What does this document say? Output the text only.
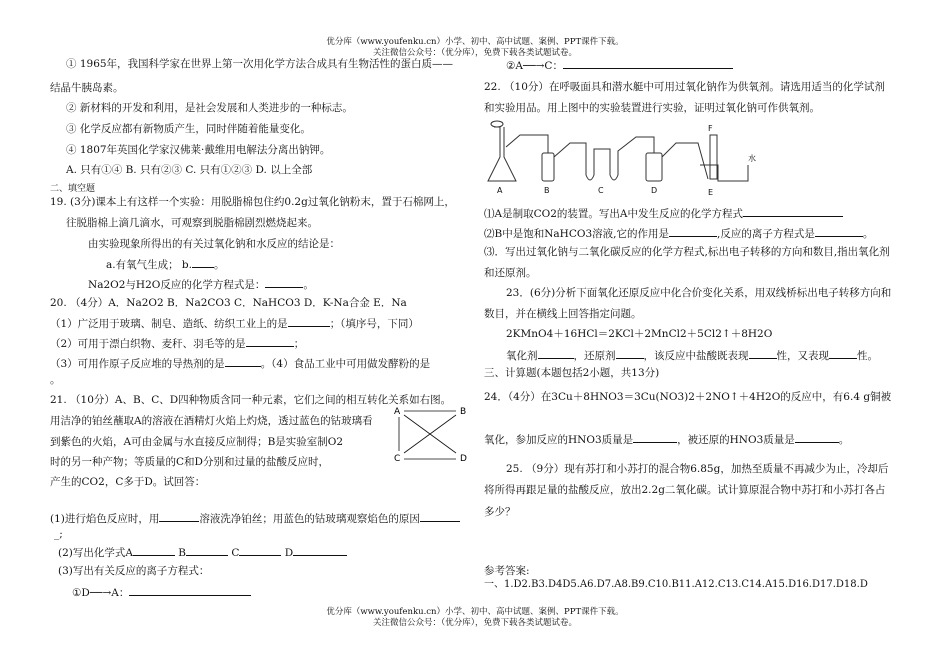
优分库（www.youfenku.cn）小学、初中、高中试题、案例、PPT课件下载。
关注微信公众号：（优分库），免费下载各类试题试卷。
① 1965年，我国科学家在世界上第一次用化学方法合成具有生物活性的蛋白质——
结晶牛胰岛素。
② 新材料的开发和利用，是社会发展和人类进步的一种标志。
③ 化学反应都有新物质产生，同时伴随着能量变化。
④ 1807年英国化学家汉佛莱·戴维用电解法分离出钠钾。
A. 只有①④ B. 只有②③ C. 只有①②③ D. 以上全部
二、填空题
19. (3分)课本上有这样一个实验：用脱脂棉包住约0.2g过氧化钠粉末，置于石棉网上，
往脱脂棉上滴几滴水，可观察到脱脂棉剧烈燃烧起来。
由实验现象所得出的有关过氧化钠和水反应的结论是：
a.有氧气生成； b. 。
Na2O2与H2O反应的化学方程式是：	。
20. （4分）A．Na2O2 B．Na2CO3 C．NaHCO3 D．K-Na合金 E．Na
（1）广泛用于玻璃、制皂、造纸、纺织工业上的是	；（填序号，下同）
（2）可用于漂白织物、麦秆、羽毛等的是	；
（3）可用作原子反应堆的导热剂的是	。（4）食品工业中可用做发酵粉的是
。
21. （10分）A、B、C、D四种物质含同一种元素，它们之间的相互转化关系如右图。
用洁净的铂丝蘸取A的溶液在酒精灯火焰上灼烧，透过蓝色的钴玻璃看
到紫色的火焰，A可由金属与水直接反应制得；B是实验室制O2
时的另一种产物；等质量的C和D分别和过量的盐酸反应时，
产生的CO2，C多于D。试回答：
A	B
C	D
(1)进行焰色反应时，用	溶液洗净铂丝；用蓝色的钴玻璃观察焰色的原因
_;
(2)写出化学式A	B	C	D
(3)写出有关反应的离子方程式：
①D──→A：
②A──→C：
22. （10分）在呼吸面具和潜水艇中可用过氧化钠作为供氧剂。请选用适当的化学试剂
和实验用品。用上图中的实验装置进行实验，证明过氧化钠可作供氧剂。
A	B	C	D	E
F
水
⑴A是制取CO2的装置。写出A中发生反应的化学方程式
⑵B中是饱和NaHCO3溶液,它的作用是	,反应的离子方程式是	。
⑶．写出过氧化钠与二氧化碳反应的化学方程式,标出电子转移的方向和数目,指出氧化剂
和还原剂。
23．(6分)分析下面氧化还原反应中化合价变化关系，用双线桥标出电子转移方向和
数目，并在横线上回答指定问题。
2KMnO4＋16HCl＝2KCl＋2MnCl2＋5Cl2↑＋8H2O
氧化剂	，还原剂	，该反应中盐酸既表现	性，又表现	性。
三、计算题(本题包括2小题，共13分)
24．（4分）在3Cu＋8HNO3＝3Cu(NO3)2＋2NO↑＋4H2O的反应中，有6.4 g铜被
氧化，参加反应的HNO3质量是	，被还原的HNO3质量是	。
25. （9分）现有苏打和小苏打的混合物6.85g，加热至质量不再减少为止，冷却后
将所得再跟足量的盐酸反应，放出2.2g二氧化碳。试计算原混合物中苏打和小苏打各占
多少？
参考答案:
一、1.D2.B3.D4D5.A6.D7.A8.B9.C10.B11.A12.C13.C14.A15.D16.D17.D18.D
优分库（www.youfenku.cn）小学、初中、高中试题、案例、PPT课件下载。
关注微信公众号：（优分库），免费下载各类试题试卷。
